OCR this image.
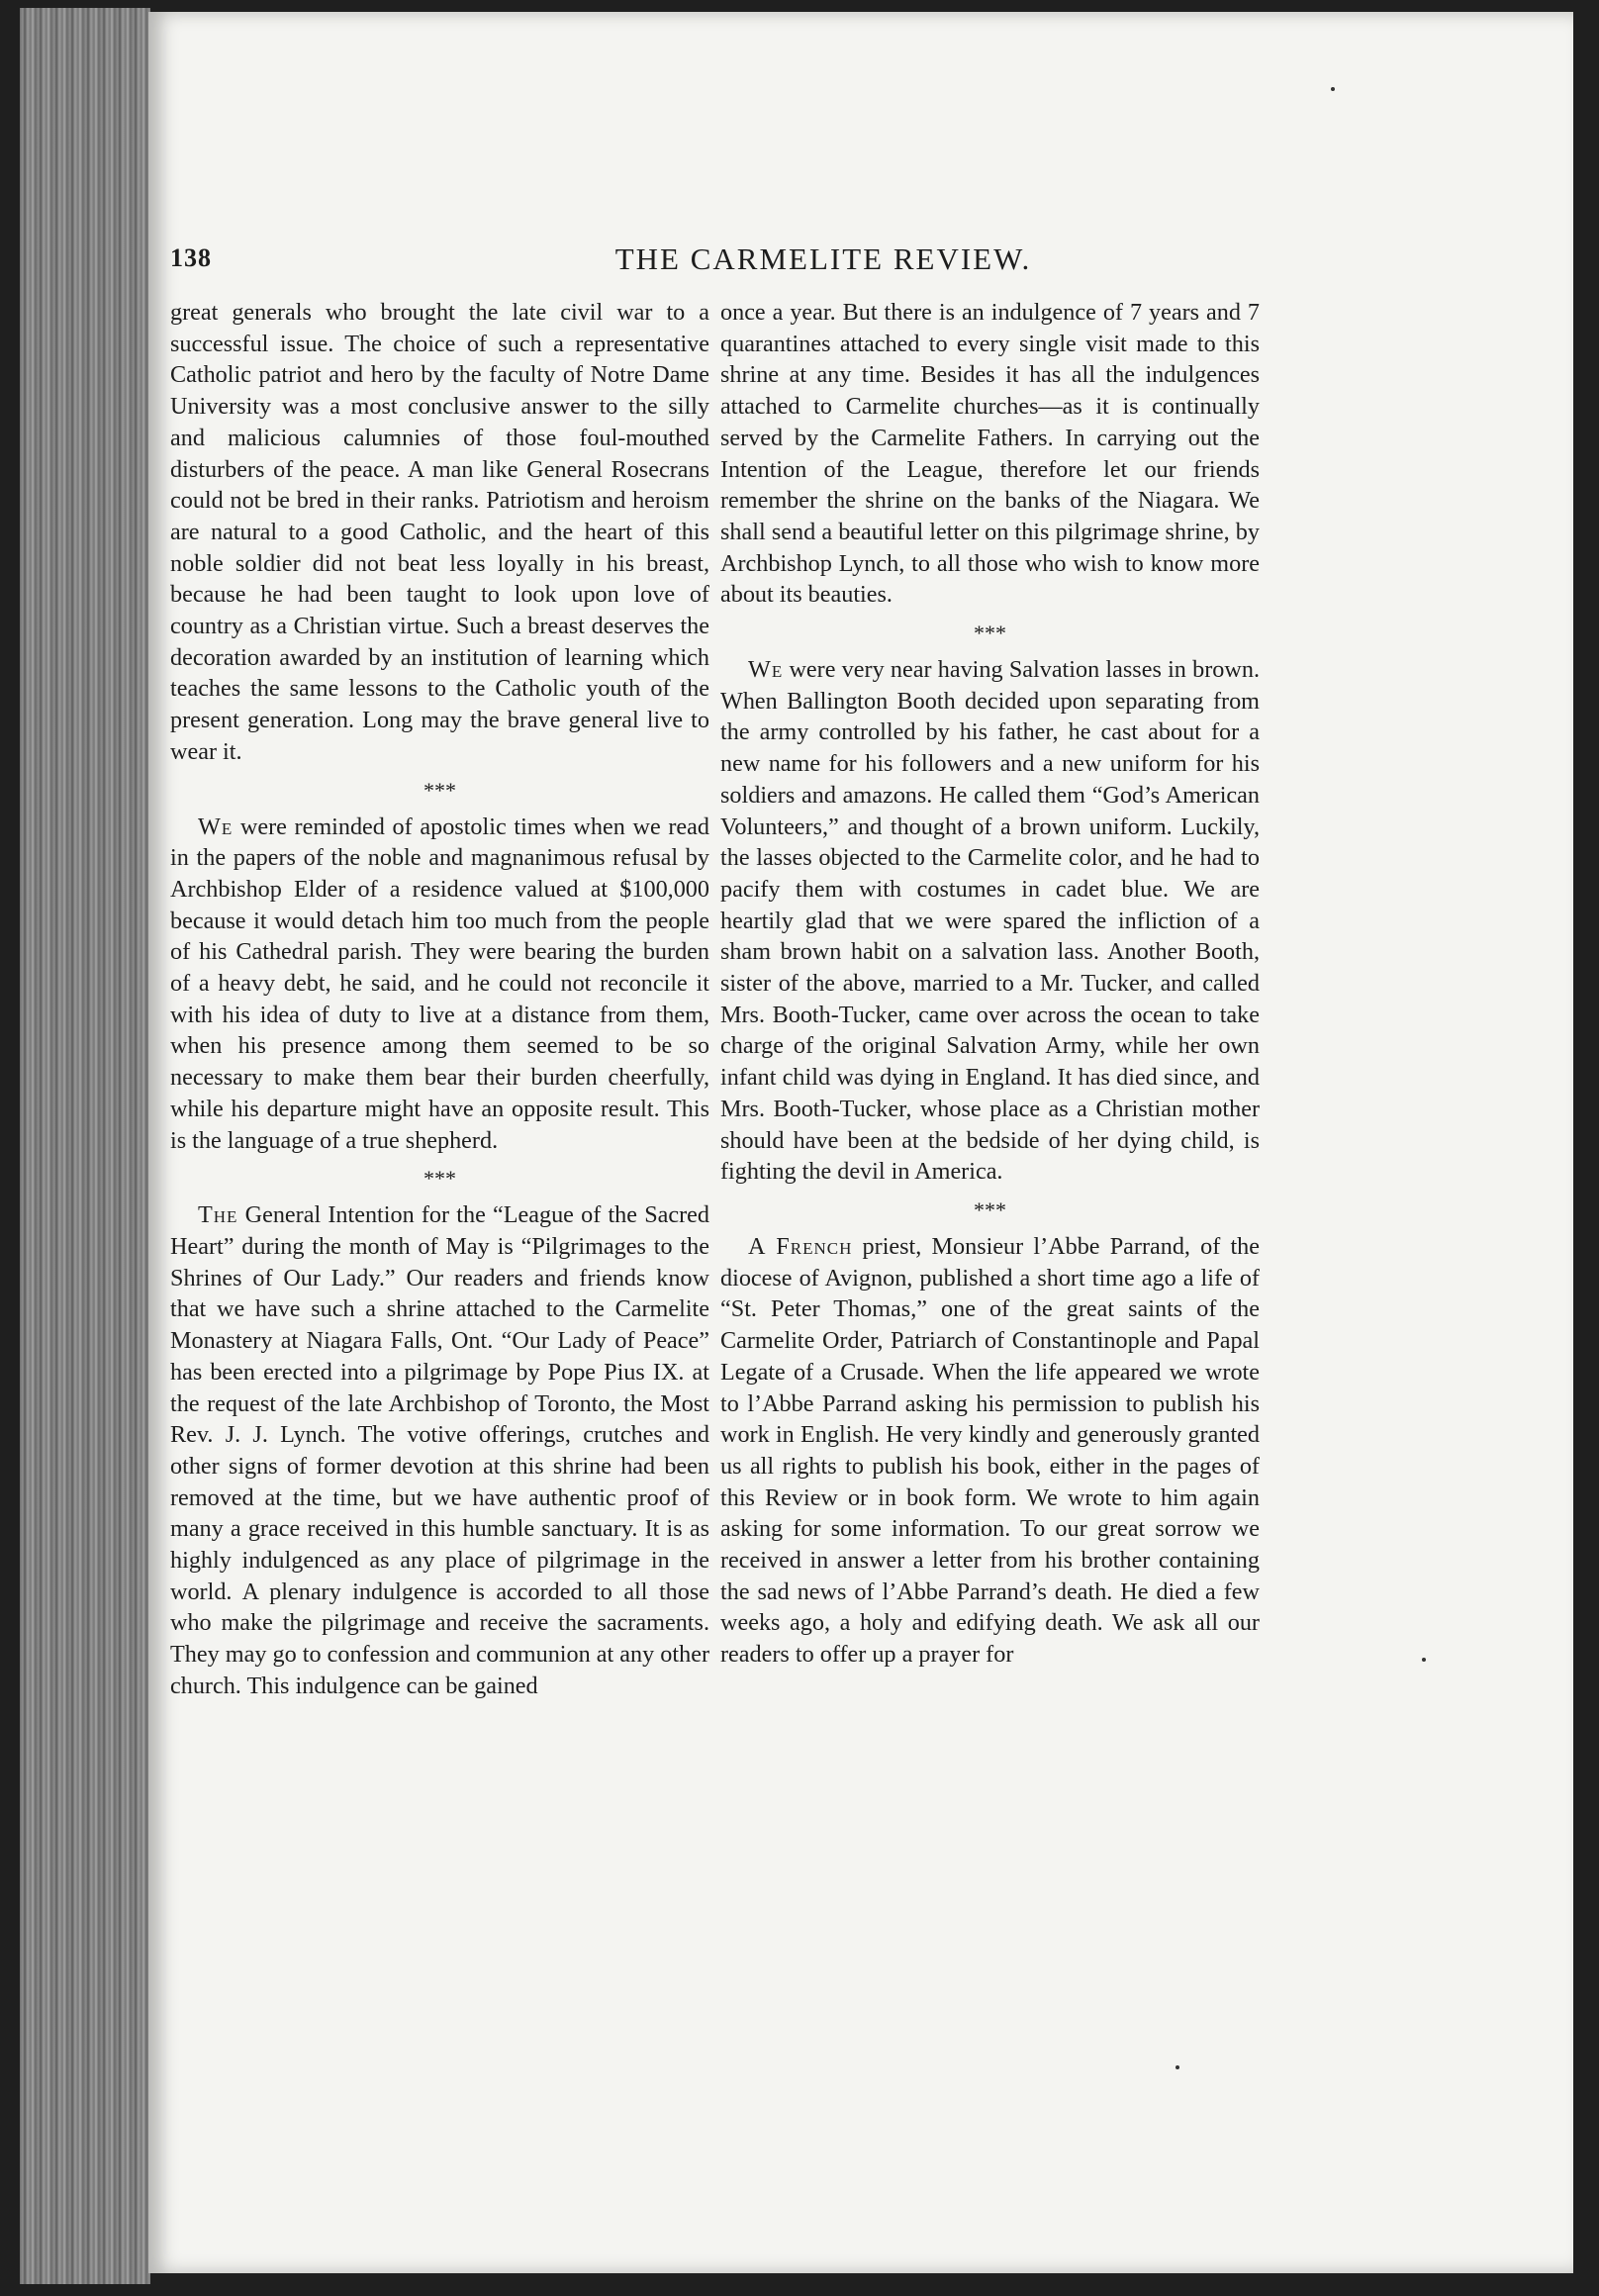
138	THE CARMELITE REVIEW.

great generals who brought the late civil war to a successful issue. The choice of such a representative Catholic patriot and hero by the faculty of Notre Dame University was a most conclusive answer to the silly and malicious calumnies of those foul-mouthed disturbers of the peace. A man like General Rosecrans could not be bred in their ranks. Patriotism and heroism are natural to a good Catholic, and the heart of this noble soldier did not beat less loyally in his breast, because he had been taught to look upon love of country as a Christian virtue. Such a breast deserves the decoration awarded by an institution of learning which teaches the same lessons to the Catholic youth of the present generation. Long may the brave general live to wear it.

***

We were reminded of apostolic times when we read in the papers of the noble and magnanimous refusal by Archbishop Elder of a residence valued at $100,000 because it would detach him too much from the people of his Cathedral parish. They were bearing the burden of a heavy debt, he said, and he could not reconcile it with his idea of duty to live at a distance from them, when his presence among them seemed to be so necessary to make them bear their burden cheerfully, while his departure might have an opposite result. This is the language of a true shepherd.

***

The General Intention for the “League of the Sacred Heart” during the month of May is “Pilgrimages to the Shrines of Our Lady.” Our readers and friends know that we have such a shrine attached to the Carmelite Monastery at Niagara Falls, Ont. “Our Lady of Peace” has been erected into a pilgrimage by Pope Pius IX. at the request of the late Archbishop of Toronto, the Most Rev. J. J. Lynch. The votive offerings, crutches and other signs of former devotion at this shrine had been removed at the time, but we have authentic proof of many a grace received in this humble sanctuary. It is as highly indulgenced as any place of pilgrimage in the world. A plenary indulgence is accorded to all those who make the pilgrimage and receive the sacraments. They may go to confession and communion at any other church. This indulgence can be gained

once a year. But there is an indulgence of 7 years and 7 quarantines attached to every single visit made to this shrine at any time. Besides it has all the indulgences attached to Carmelite churches—as it is continually served by the Carmelite Fathers. In carrying out the Intention of the League, therefore let our friends remember the shrine on the banks of the Niagara. We shall send a beautiful letter on this pilgrimage shrine, by Archbishop Lynch, to all those who wish to know more about its beauties.

***

We were very near having Salvation lasses in brown. When Ballington Booth decided upon separating from the army controlled by his father, he cast about for a new name for his followers and a new uniform for his soldiers and amazons. He called them “God’s American Volunteers,” and thought of a brown uniform. Luckily, the lasses objected to the Carmelite color, and he had to pacify them with costumes in cadet blue. We are heartily glad that we were spared the infliction of a sham brown habit on a salvation lass. Another Booth, sister of the above, married to a Mr. Tucker, and called Mrs. Booth-Tucker, came over across the ocean to take charge of the original Salvation Army, while her own infant child was dying in England. It has died since, and Mrs. Booth-Tucker, whose place as a Christian mother should have been at the bedside of her dying child, is fighting the devil in America.

***

A French priest, Monsieur l’Abbe Parrand, of the diocese of Avignon, published a short time ago a life of “St. Peter Thomas,” one of the great saints of the Carmelite Order, Patriarch of Constantinople and Papal Legate of a Crusade. When the life appeared we wrote to l’Abbe Parrand asking his permission to publish his work in English. He very kindly and generously granted us all rights to publish his book, either in the pages of this Review or in book form. We wrote to him again asking for some information. To our great sorrow we received in answer a letter from his brother containing the sad news of l’Abbe Parrand’s death. He died a few weeks ago, a holy and edifying death. We ask all our readers to offer up a prayer for
